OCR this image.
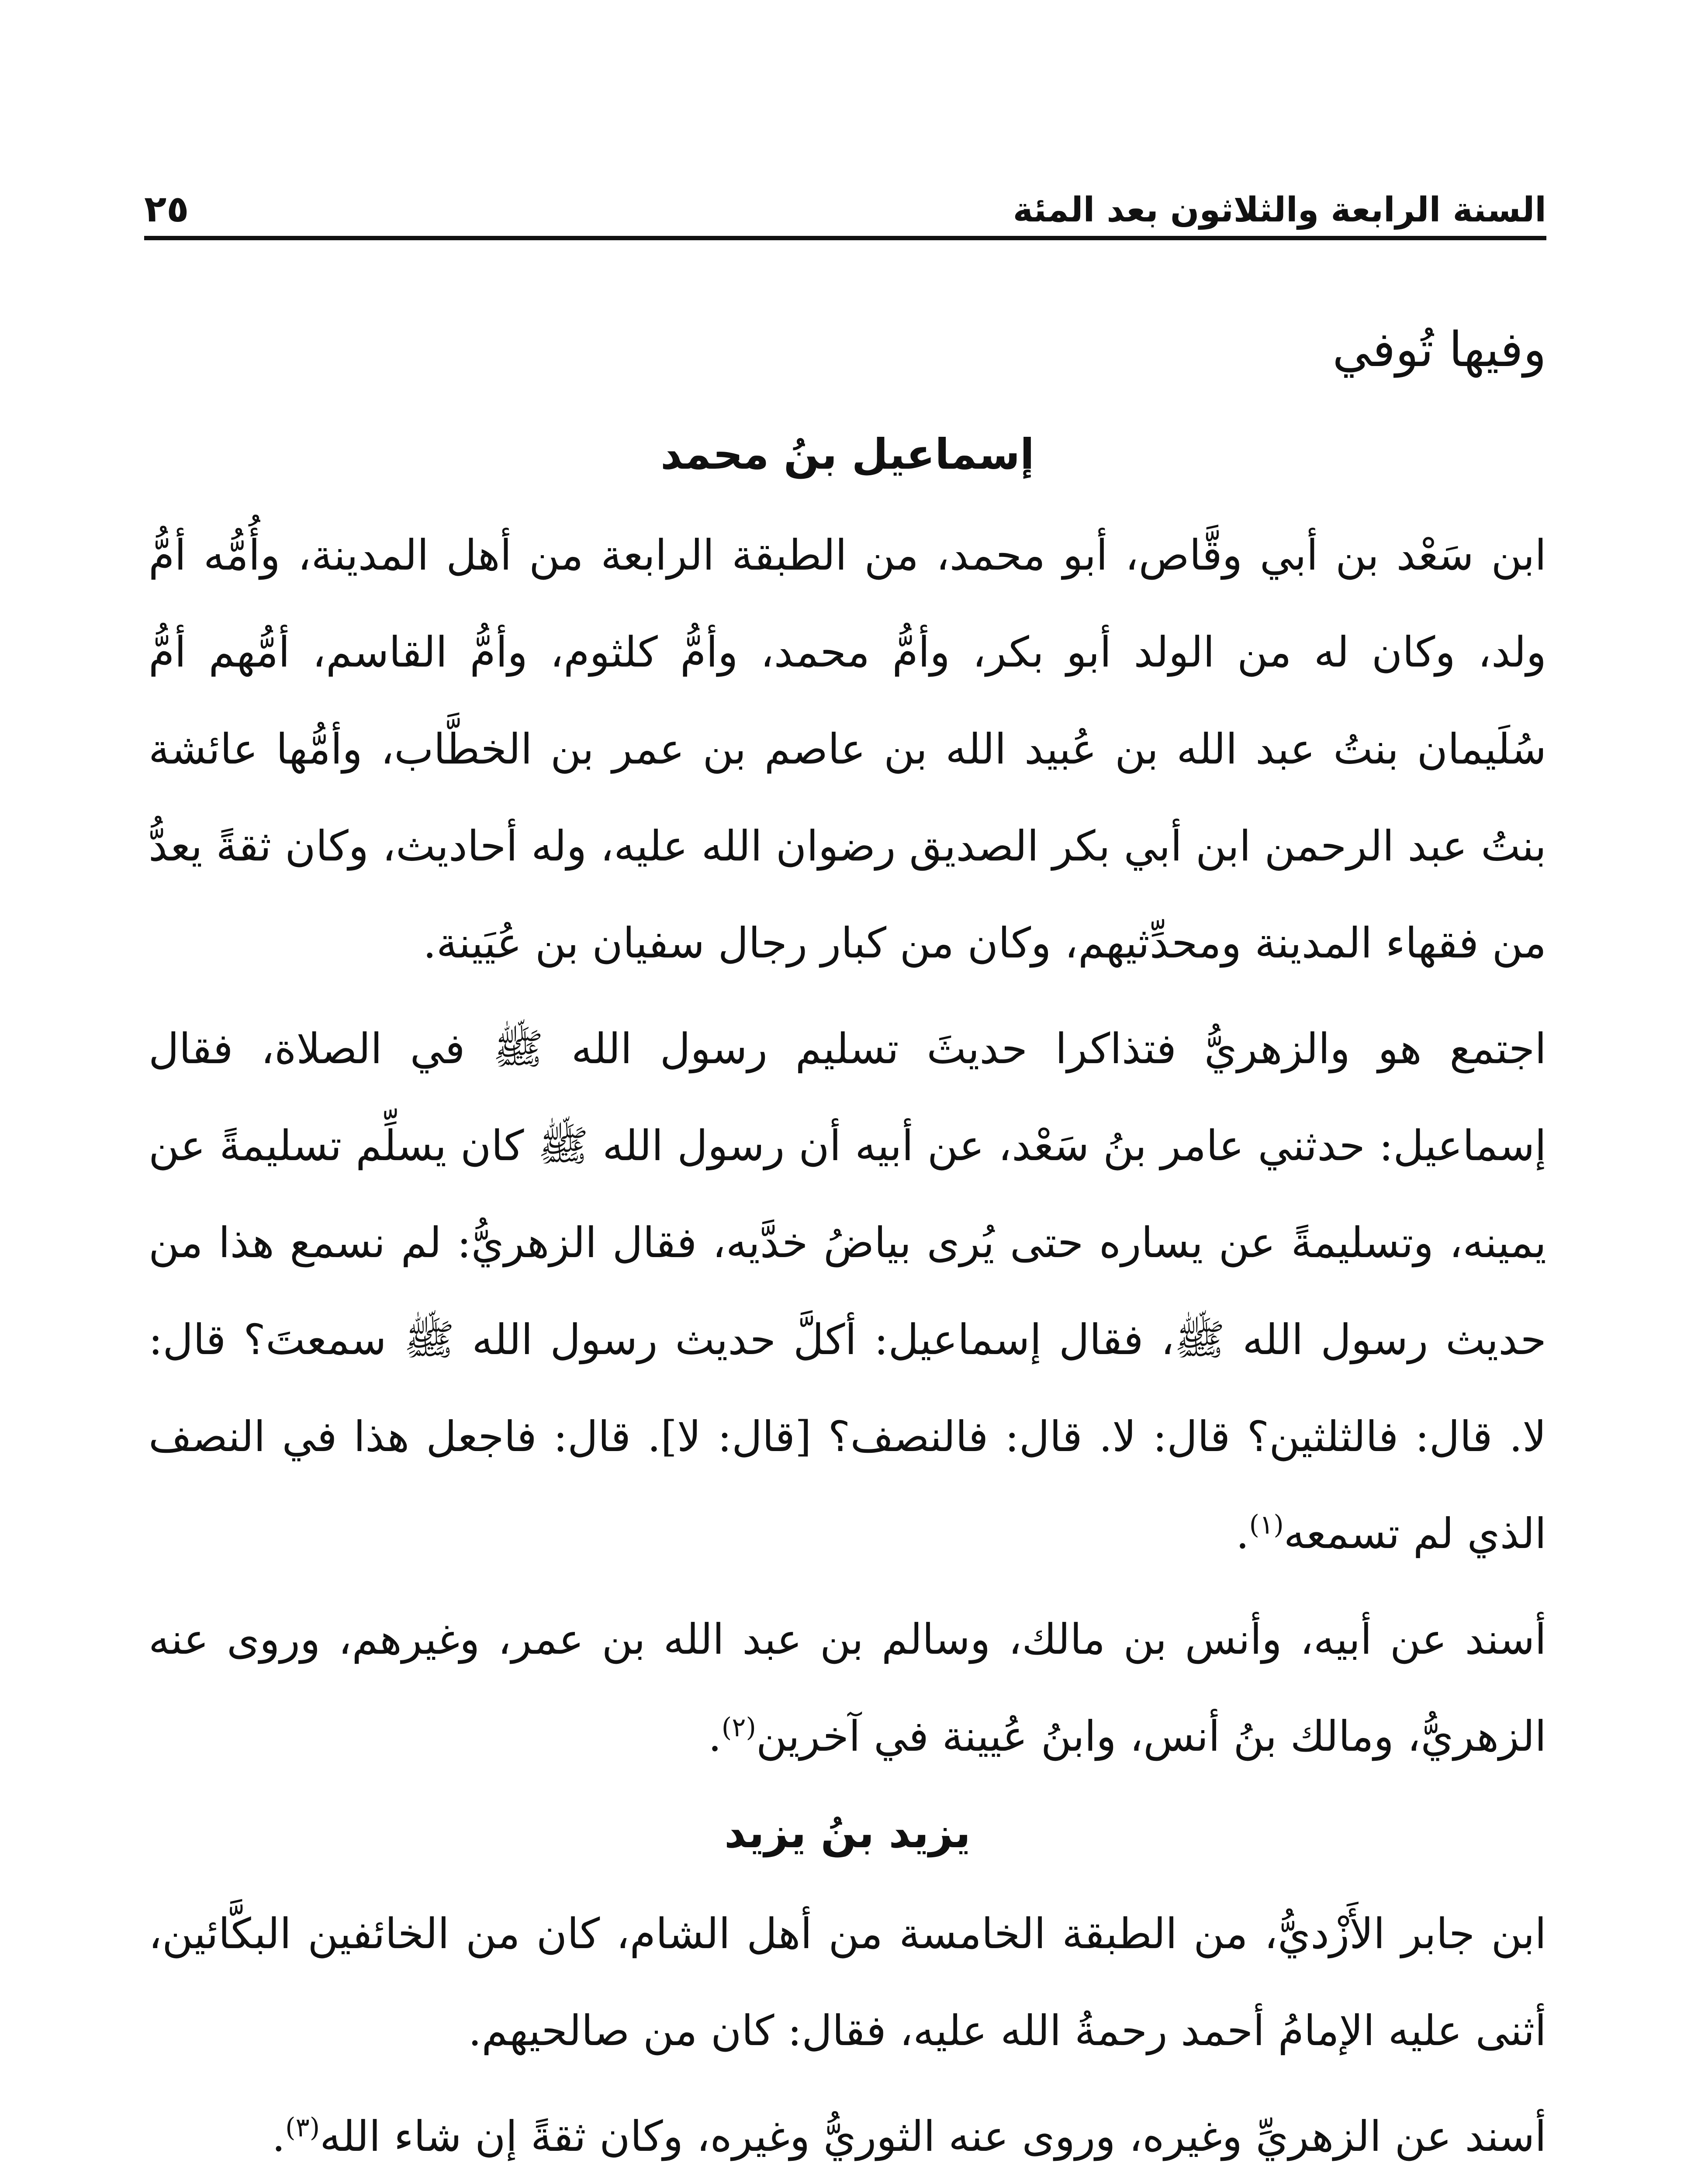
السنة الرابعة والثلاثون بعد المئة
٢٥

وفيها تُوفي

إسماعيل بنُ محمد

ابن سَعْد بن أبي وقَّاص، أبو محمد، من الطبقة الرابعة من أهل المدينة، وأُمُّه أمُّ ولد، وكان له من الولد أبو بكر، وأمُّ محمد، وأمُّ كلثوم، وأمُّ القاسم، أمُّهم أمُّ سُلَيمان بنتُ عبد الله بن عُبيد الله بن عاصم بن عمر بن الخطَّاب، وأمُّها عائشة بنتُ عبد الرحمن ابن أبي بكر الصديق رضوان الله عليه، وله أحاديث، وكان ثقةً يعدُّ من فقهاء المدينة ومحدِّثيهم، وكان من كبار رجال سفيان بن عُيَينة.

اجتمع هو والزهريُّ فتذاكرا حديثَ تسليم رسول الله ﷺ في الصلاة، فقال إسماعيل: حدثني عامر بنُ سَعْد، عن أبيه أن رسول الله ﷺ كان يسلِّم تسليمةً عن يمينه، وتسليمةً عن يساره حتى يُرى بياضُ خدَّيه، فقال الزهريُّ: لم نسمع هذا من حديث رسول الله ﷺ، فقال إسماعيل: أكلَّ حديث رسول الله ﷺ سمعتَ؟ قال: لا. قال: فالثلثين؟ قال: لا. قال: فالنصف؟ [قال: لا]. قال: فاجعل هذا في النصف الذي لم تسمعه$^{(١)}$.

أسند عن أبيه، وأنس بن مالك، وسالم بن عبد الله بن عمر، وغيرهم، وروى عنه الزهريُّ، ومالك بنُ أنس، وابنُ عُيينة في آخرين$^{(٢)}$.

يزيد بنُ يزيد

ابن جابر الأَزْديُّ، من الطبقة الخامسة من أهل الشام، كان من الخائفين البكَّائين، أثنى عليه الإمامُ أحمد رحمةُ الله عليه، فقال: كان من صالحيهم.

أسند عن الزهريِّ وغيره، وروى عنه الثوريُّ وغيره، وكان ثقةً إن شاء الله$^{(٣)}$.
